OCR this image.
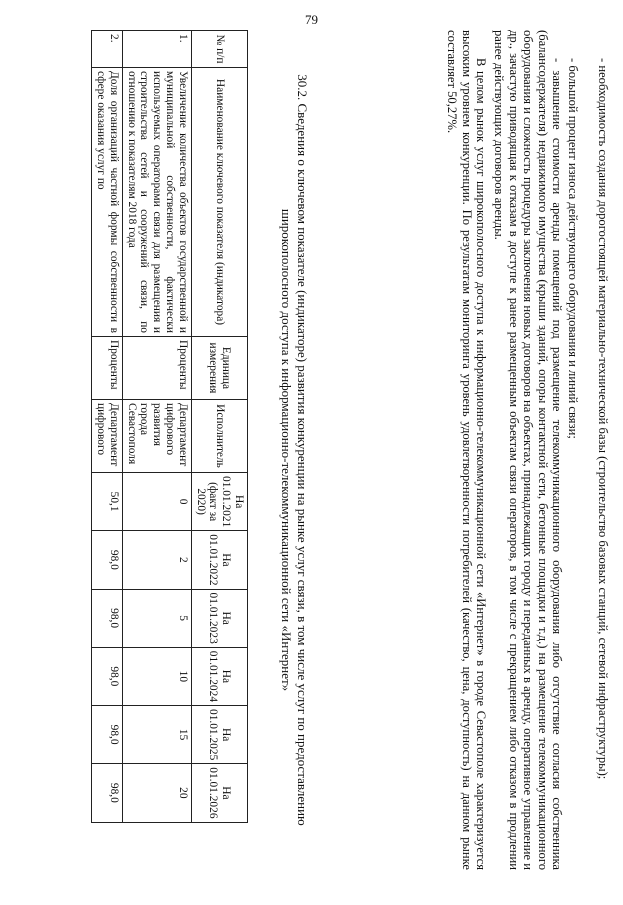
79
- необходимость создания дорогостоящей материально-технической базы (строительство базовых станций, сетевой инфраструктуры);
- большой процент износа действующего оборудования и линий связи;
- завышение стоимости аренды помещений под размещение телекоммуникационного оборудования либо отсутствие согласия собственника (балансодержателя) недвижимого имущества (крыши зданий, опоры контактной сети, бетонные площадки и т.д.) на размещение телекоммуникационного оборудования и сложность процедуры заключения новых договоров на объектах, принадлежащих городу и переданных в аренду, оперативное управление и др., зачастую приводящая к отказам в доступе к ранее размещенным объектам связи операторов, в том числе с прекращением либо отказом в продлении ранее действующих договоров аренды.
В целом рынок услуг широкополосного доступа к информационно-телекоммуникационной сети «Интернет» в городе Севастополе характеризуется высоким уровнем конкуренции. По результатам мониторинга уровень удовлетворенности потребителей (качество, цена, доступность) на данном рынке составляет 50,27%.
30.2. Сведения о ключевом показателе (индикаторе) развития конкуренции на рынке услуг связи, в том числе услуг по предоставлению широкополосного доступа к информационно-телекоммуникационной сети «Интернет»
№ п/п	Наименование ключевого показателя (индикатора)	Единица измерения	Исполнитель	На 01.01.2021 (факт за 2020)	На 01.01.2022	На 01.01.2023	На 01.01.2024	На 01.01.2025	На 01.01.2026
1.	Увеличение количества объектов государственной и муниципальной собственности, фактически используемых операторами связи для размещения и строительства сетей и сооружений связи, по отношению к показателям 2018 года	Проценты	Департамент цифрового развития города Севастополя	0	2	5	10	15	20
2.	Доля организаций частной формы собственности в сфере оказания услуг по	Проценты	Департамент цифрового	50,1	98,0	98,0	98,0	98,0	98,0
